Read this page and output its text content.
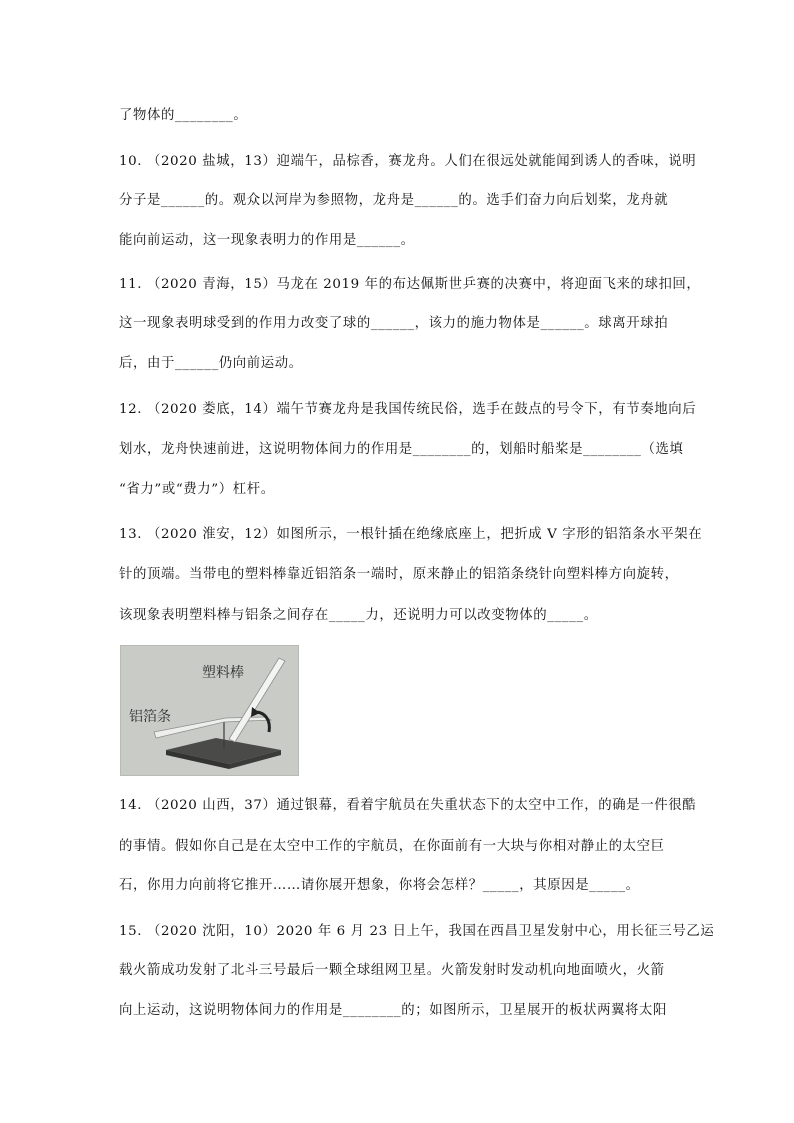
了物体的________。
10. （2020 盐城，13）迎端午，品棕香，赛龙舟。人们在很远处就能闻到诱人的香味，说明
分子是______的。观众以河岸为参照物，龙舟是______的。选手们奋力向后划桨，龙舟就
能向前运动，这一现象表明力的作用是______。
11. （2020 青海，15）马龙在 2019 年的布达佩斯世乒赛的决赛中，将迎面飞来的球扣回，
这一现象表明球受到的作用力改变了球的______，该力的施力物体是______。球离开球拍
后，由于______仍向前运动。
12. （2020 娄底，14）端午节赛龙舟是我国传统民俗，选手在鼓点的号令下，有节奏地向后
划水，龙舟快速前进，这说明物体间力的作用是________的，划船时船桨是________（选填
“省力”或“费力”）杠杆。
13. （2020 淮安，12）如图所示，一根针插在绝缘底座上，把折成 V 字形的铝箔条水平架在
针的顶端。当带电的塑料棒靠近铝箔条一端时，原来静止的铝箔条绕针向塑料棒方向旋转，
该现象表明塑料棒与铝条之间存在_____力，还说明力可以改变物体的_____。
14. （2020 山西，37）通过银幕，看着宇航员在失重状态下的太空中工作，的确是一件很酷
的事情。假如你自己是在太空中工作的宇航员，在你面前有一大块与你相对静止的太空巨
石，你用力向前将它推开……请你展开想象，你将会怎样？_____，其原因是_____。
15. （2020 沈阳，10）2020 年 6 月 23 日上午，我国在西昌卫星发射中心，用长征三号乙运
载火箭成功发射了北斗三号最后一颗全球组网卫星。火箭发射时发动机向地面喷火，火箭
向上运动，这说明物体间力的作用是________的；如图所示，卫星展开的板状两翼将太阳
塑料棒
铝箔条
